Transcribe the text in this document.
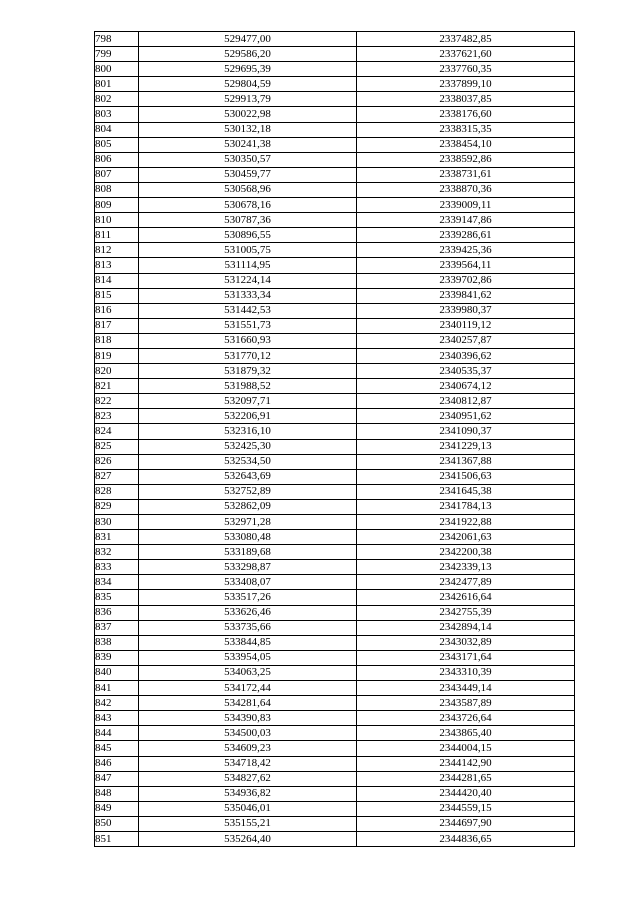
798	529477,00	2337482,85
799	529586,20	2337621,60
800	529695,39	2337760,35
801	529804,59	2337899,10
802	529913,79	2338037,85
803	530022,98	2338176,60
804	530132,18	2338315,35
805	530241,38	2338454,10
806	530350,57	2338592,86
807	530459,77	2338731,61
808	530568,96	2338870,36
809	530678,16	2339009,11
810	530787,36	2339147,86
811	530896,55	2339286,61
812	531005,75	2339425,36
813	531114,95	2339564,11
814	531224,14	2339702,86
815	531333,34	2339841,62
816	531442,53	2339980,37
817	531551,73	2340119,12
818	531660,93	2340257,87
819	531770,12	2340396,62
820	531879,32	2340535,37
821	531988,52	2340674,12
822	532097,71	2340812,87
823	532206,91	2340951,62
824	532316,10	2341090,37
825	532425,30	2341229,13
826	532534,50	2341367,88
827	532643,69	2341506,63
828	532752,89	2341645,38
829	532862,09	2341784,13
830	532971,28	2341922,88
831	533080,48	2342061,63
832	533189,68	2342200,38
833	533298,87	2342339,13
834	533408,07	2342477,89
835	533517,26	2342616,64
836	533626,46	2342755,39
837	533735,66	2342894,14
838	533844,85	2343032,89
839	533954,05	2343171,64
840	534063,25	2343310,39
841	534172,44	2343449,14
842	534281,64	2343587,89
843	534390,83	2343726,64
844	534500,03	2343865,40
845	534609,23	2344004,15
846	534718,42	2344142,90
847	534827,62	2344281,65
848	534936,82	2344420,40
849	535046,01	2344559,15
850	535155,21	2344697,90
851	535264,40	2344836,65
